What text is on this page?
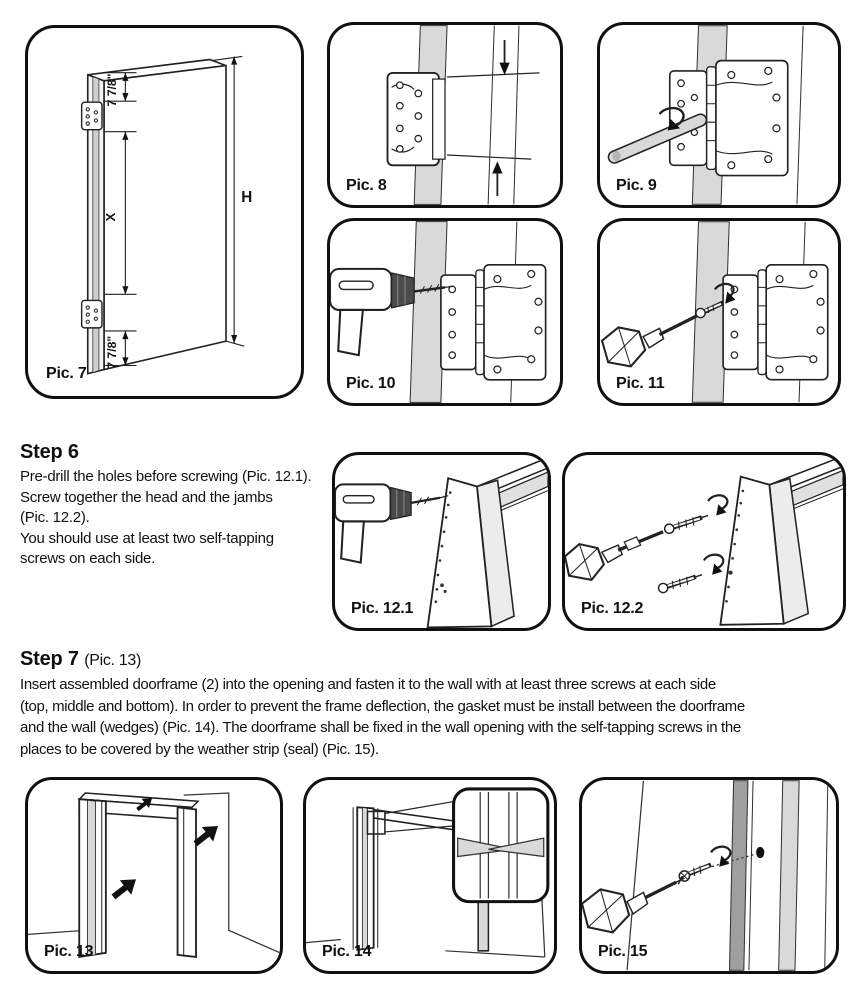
7 7/8"
X
7 7/8"
H
Pic. 7
Pic. 8	Pic. 9
Pic. 10	Pic. 11
Step 6
Pre-drill the holes before screwing (Pic. 12.1).
Screw together the head and the jambs
(Pic. 12.2).
You should use at least two self-tapping
screws on each side.
Pic. 12.1	Pic. 12.2
Step 7 (Pic. 13)
Insert assembled doorframe (2) into the opening and fasten it to the wall with at least three screws at each side
(top, middle and bottom). In order to prevent the frame deflection, the gasket must be install between the doorframe
and the wall (wedges) (Pic. 14). The doorframe shall be fixed in the wall opening with the self-tapping screws in the
places to be covered by the weather strip (seal) (Pic. 15).
Pic. 13	Pic. 14	Pic. 15
